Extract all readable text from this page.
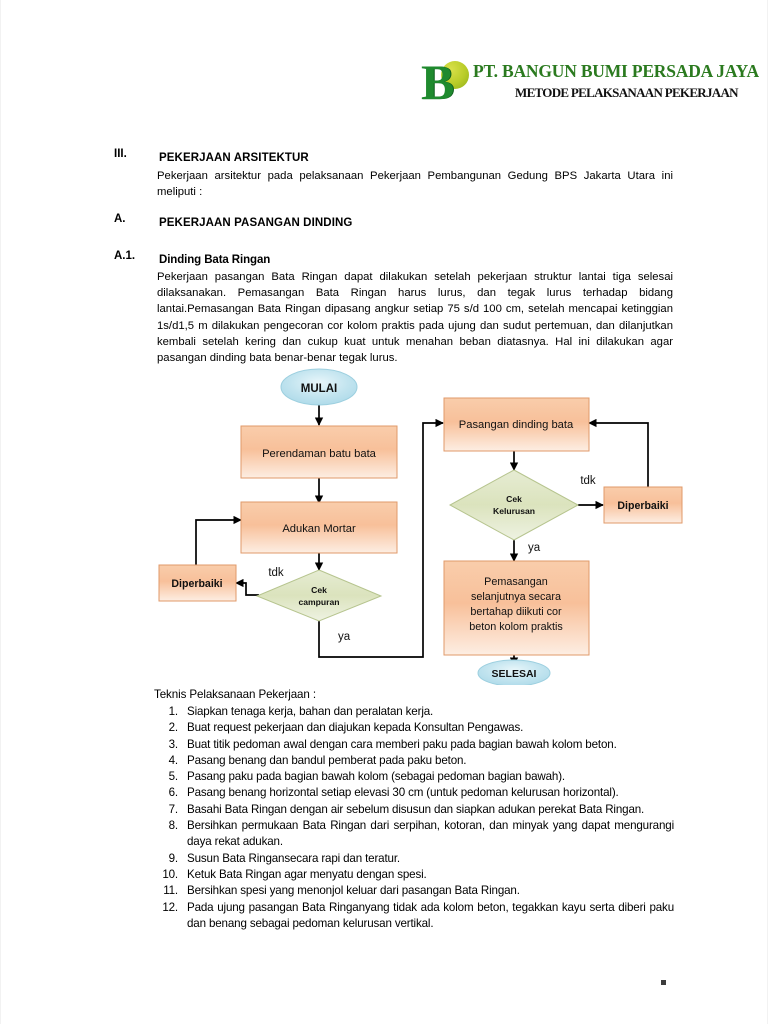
B PT. BANGUN BUMI PERSADA JAYA
METODE PELAKSANAAN PEKERJAAN
III.	PEKERJAAN ARSITEKTUR
Pekerjaan arsitektur pada pelaksanaan Pekerjaan Pembangunan Gedung BPS Jakarta Utara ini meliputi :
A.	PEKERJAAN PASANGAN DINDING
A.1. Dinding Bata Ringan
Pekerjaan pasangan Bata Ringan dapat dilakukan setelah pekerjaan struktur lantai tiga selesai dilaksanakan. Pemasangan Bata Ringan harus lurus, dan tegak lurus terhadap bidang lantai.Pemasangan Bata Ringan dipasang angkur setiap 75 s/d 100 cm, setelah mencapai ketinggian 1s/d1,5 m dilakukan pengecoran cor kolom praktis pada ujung dan sudut pertemuan, dan dilanjutkan kembali setelah kering dan cukup kuat untuk menahan beban diatasnya. Hal ini dilakukan agar pasangan dinding bata benar-benar tegak lurus.
MULAI
Perendaman batu bata
Adukan Mortar
Cek
campuran
Diperbaiki
Pasangan dinding bata
Cek
Kelurusan	Diperbaiki
Pemasangan
selanjutnya secara
bertahap diikuti cor
beton kolom praktis
SELESAI
tdk
ya
tdk
ya
Teknis Pelaksanaan Pekerjaan :
1. Siapkan tenaga kerja, bahan dan peralatan kerja.
2. Buat request pekerjaan dan diajukan kepada Konsultan Pengawas.
3. Buat titik pedoman awal dengan cara memberi paku pada bagian bawah kolom beton.
4. Pasang benang dan bandul pemberat pada paku beton.
5. Pasang paku pada bagian bawah kolom (sebagai pedoman bagian bawah).
6. Pasang benang horizontal setiap elevasi 30 cm (untuk pedoman kelurusan horizontal).
7. Basahi Bata Ringan dengan air sebelum disusun dan siapkan adukan perekat Bata Ringan.
8. Bersihkan permukaan Bata Ringan dari serpihan, kotoran, dan minyak yang dapat mengurangi daya rekat adukan.
9. Susun Bata Ringansecara rapi dan teratur.
10. Ketuk Bata Ringan agar menyatu dengan spesi.
11. Bersihkan spesi yang menonjol keluar dari pasangan Bata Ringan.
12. Pada ujung pasangan Bata Ringanyang tidak ada kolom beton, tegakkan kayu serta diberi paku dan benang sebagai pedoman kelurusan vertikal.
